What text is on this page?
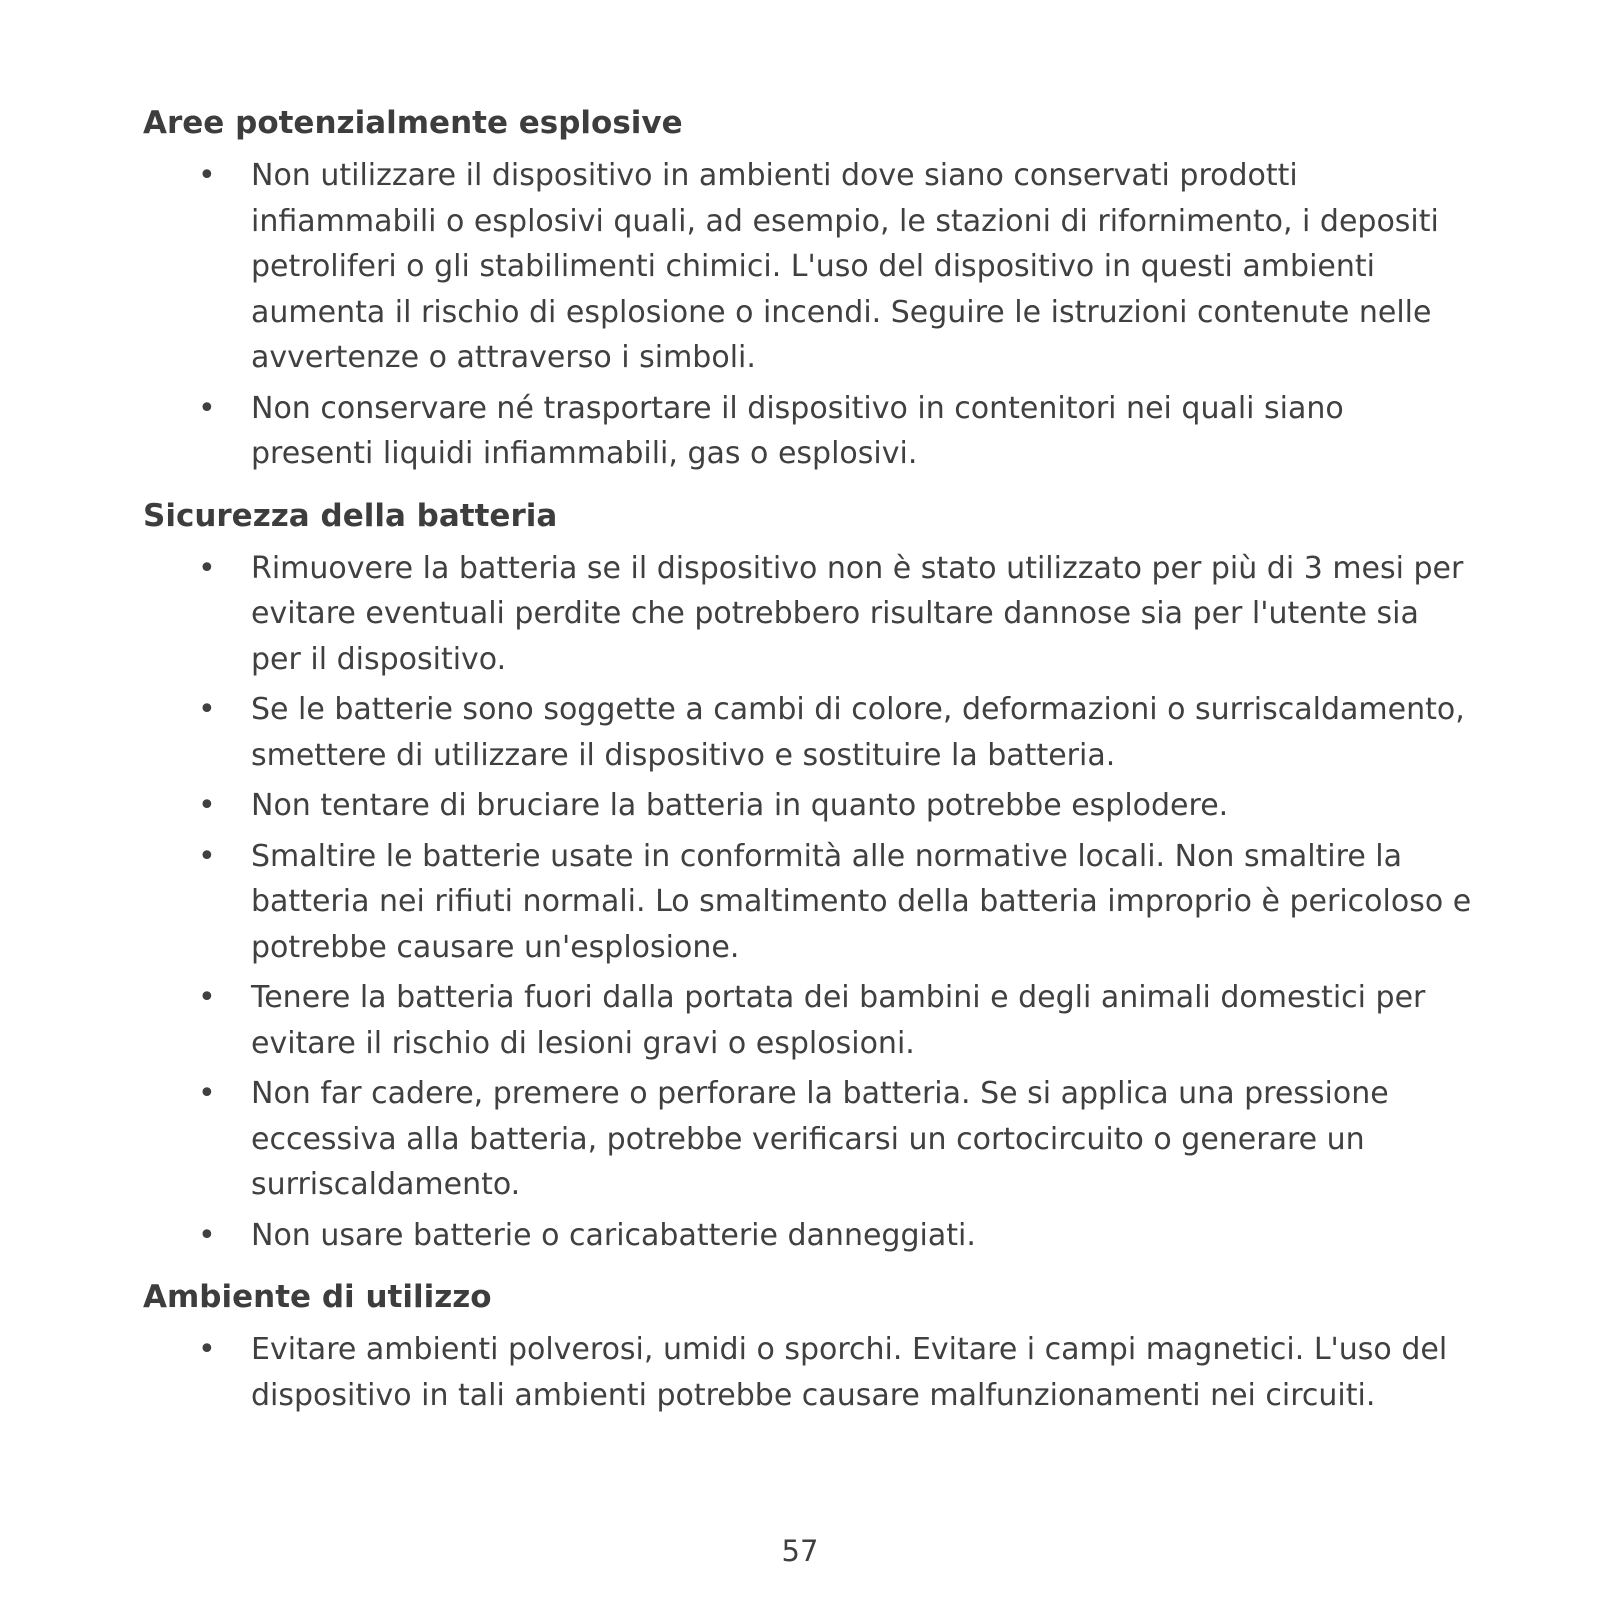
Aree potenzialmente esplosive
• Non utilizzare il dispositivo in ambienti dove siano conservati prodotti infiammabili o esplosivi quali, ad esempio, le stazioni di rifornimento, i depositi petroliferi o gli stabilimenti chimici. L'uso del dispositivo in questi ambienti aumenta il rischio di esplosione o incendi. Seguire le istruzioni contenute nelle avvertenze o attraverso i simboli.
• Non conservare né trasportare il dispositivo in contenitori nei quali siano presenti liquidi infiammabili, gas o esplosivi.
Sicurezza della batteria
• Rimuovere la batteria se il dispositivo non è stato utilizzato per più di 3 mesi per evitare eventuali perdite che potrebbero risultare dannose sia per l'utente sia per il dispositivo.
• Se le batterie sono soggette a cambi di colore, deformazioni o surriscaldamento, smettere di utilizzare il dispositivo e sostituire la batteria.
• Non tentare di bruciare la batteria in quanto potrebbe esplodere.
• Smaltire le batterie usate in conformità alle normative locali. Non smaltire la batteria nei rifiuti normali. Lo smaltimento della batteria improprio è pericoloso e potrebbe causare un'esplosione.
• Tenere la batteria fuori dalla portata dei bambini e degli animali domestici per evitare il rischio di lesioni gravi o esplosioni.
• Non far cadere, premere o perforare la batteria. Se si applica una pressione eccessiva alla batteria, potrebbe verificarsi un cortocircuito o generare un surriscaldamento.
• Non usare batterie o caricabatterie danneggiati.
Ambiente di utilizzo
• Evitare ambienti polverosi, umidi o sporchi. Evitare i campi magnetici. L'uso del dispositivo in tali ambienti potrebbe causare malfunzionamenti nei circuiti.
57
